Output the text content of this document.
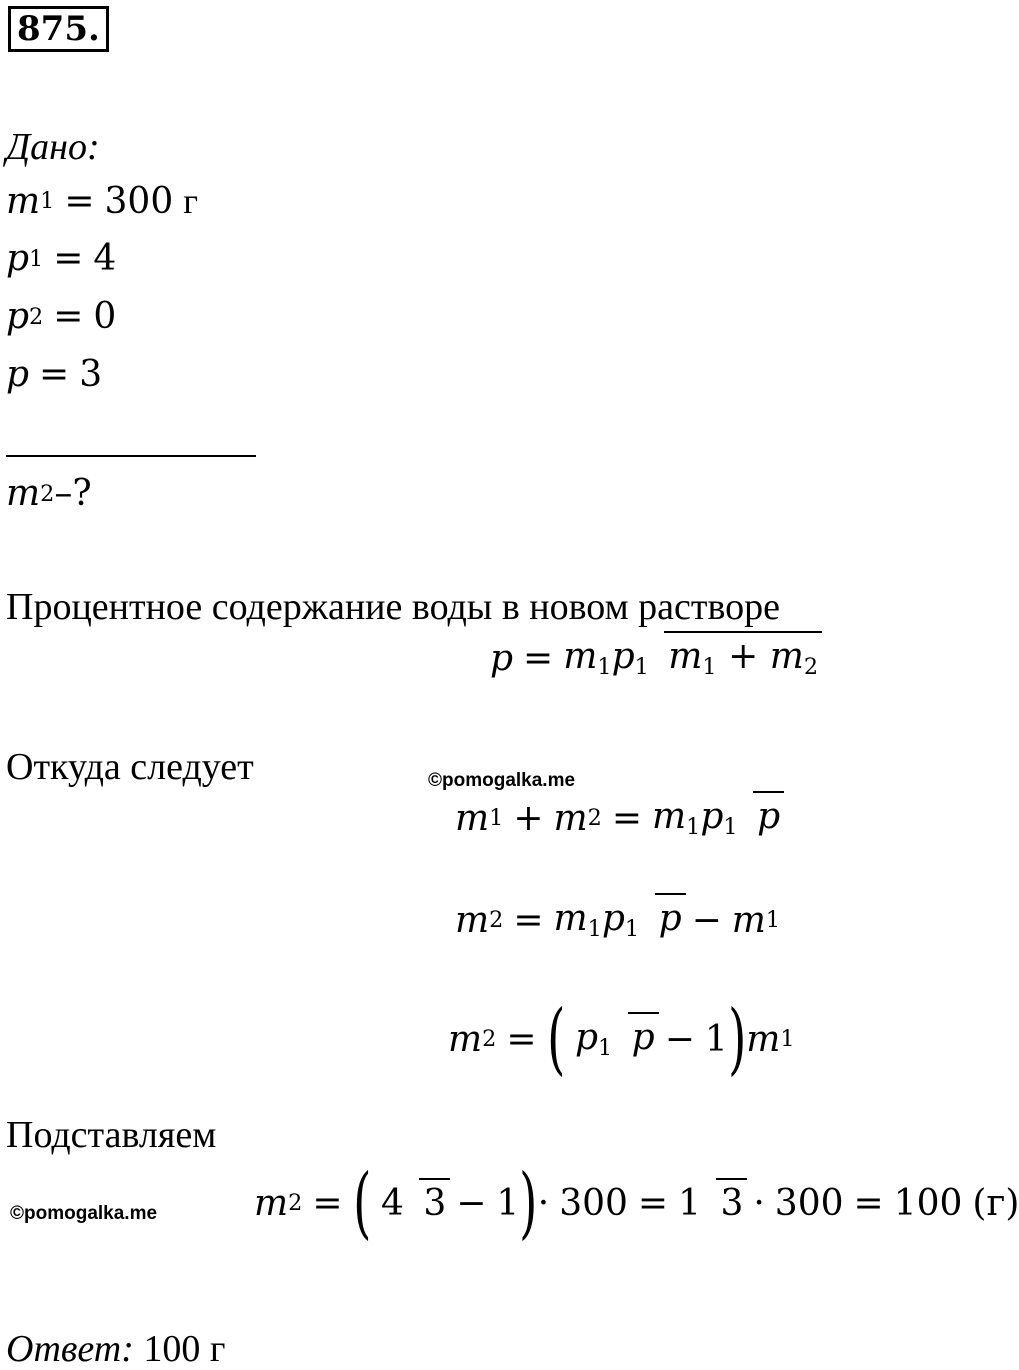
875.
Дано:
m 1 = 300 г
p 1 = 4
p 2 = 0
p = 3
m 2 –?
Процентное содержание воды в новом растворе
$p = m_1p_1$ $m_1 + m_2$
Откуда следует	©pomogalka.me
m 1 + m $2 = m_1p_1$ p
m $2 = m_1p_1$ p − m 1
m 2 = ( $p_1$ p − 1 ) m 1
Подставляем
©pomogalka.me	m 2 = ( 4 3 − 1 ) · 300 = 1 3 · 300 = 100 (г)
Ответ: 100 г
